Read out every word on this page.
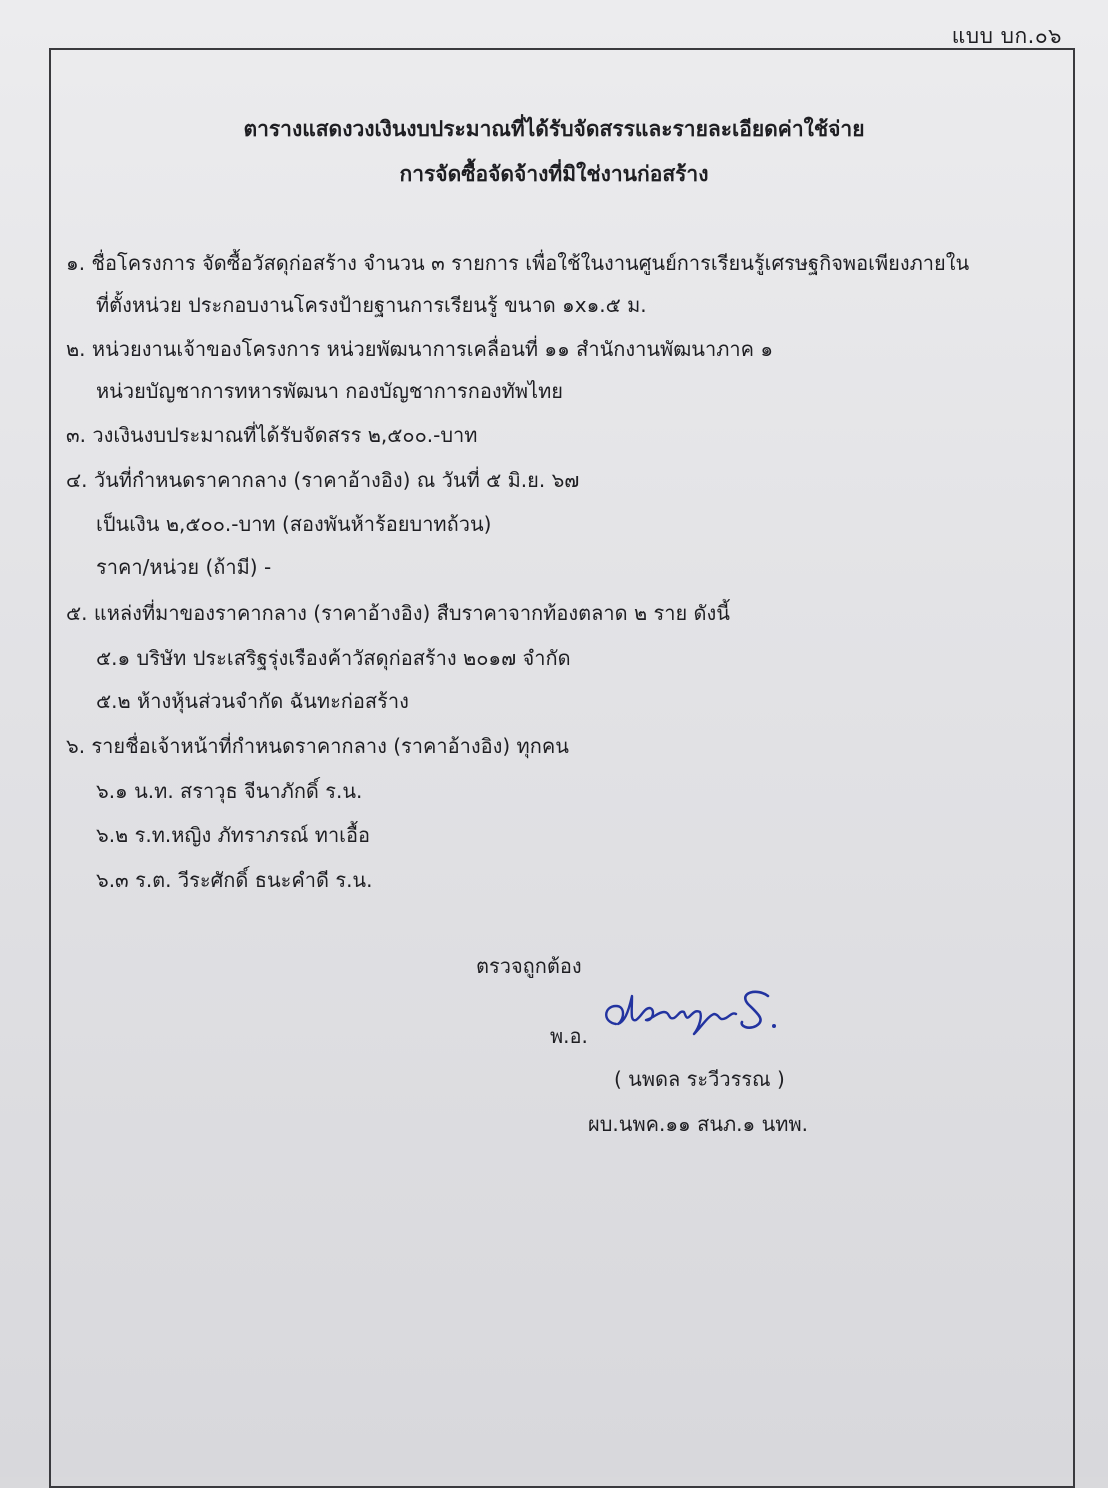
แบบ บก.๐๖
ตารางแสดงวงเงินงบประมาณที่ได้รับจัดสรรและรายละเอียดค่าใช้จ่าย
การจัดซื้อจัดจ้างที่มิใช่งานก่อสร้าง
๑. ชื่อโครงการ จัดซื้อวัสดุก่อสร้าง จำนวน ๓ รายการ เพื่อใช้ในงานศูนย์การเรียนรู้เศรษฐกิจพอเพียงภายใน
ที่ตั้งหน่วย ประกอบงานโครงป้ายฐานการเรียนรู้ ขนาด ๑x๑.๕ ม.
๒. หน่วยงานเจ้าของโครงการ หน่วยพัฒนาการเคลื่อนที่ ๑๑ สำนักงานพัฒนาภาค ๑
หน่วยบัญชาการทหารพัฒนา กองบัญชาการกองทัพไทย
๓. วงเงินงบประมาณที่ได้รับจัดสรร ๒,๕๐๐.-บาท
๔. วันที่กำหนดราคากลาง (ราคาอ้างอิง) ณ วันที่ ๕ มิ.ย. ๖๗
เป็นเงิน ๒,๕๐๐.-บาท (สองพันห้าร้อยบาทถ้วน)
ราคา/หน่วย (ถ้ามี) -
๕. แหล่งที่มาของราคากลาง (ราคาอ้างอิง) สืบราคาจากท้องตลาด ๒ ราย ดังนี้
๕.๑ บริษัท ประเสริฐรุ่งเรืองค้าวัสดุก่อสร้าง ๒๐๑๗ จำกัด
๕.๒ ห้างหุ้นส่วนจำกัด ฉันทะก่อสร้าง
๖. รายชื่อเจ้าหน้าที่กำหนดราคากลาง (ราคาอ้างอิง) ทุกคน
๖.๑ น.ท. สราวุธ จีนาภักดิ์ ร.น.
๖.๒ ร.ท.หญิง ภัทราภรณ์ ทาเอื้อ
๖.๓ ร.ต. วีระศักดิ์ ธนะคำดี ร.น.
ตรวจถูกต้อง
พ.อ.
( นพดล ระวีวรรณ )
ผบ.นพค.๑๑ สนภ.๑ นทพ.
